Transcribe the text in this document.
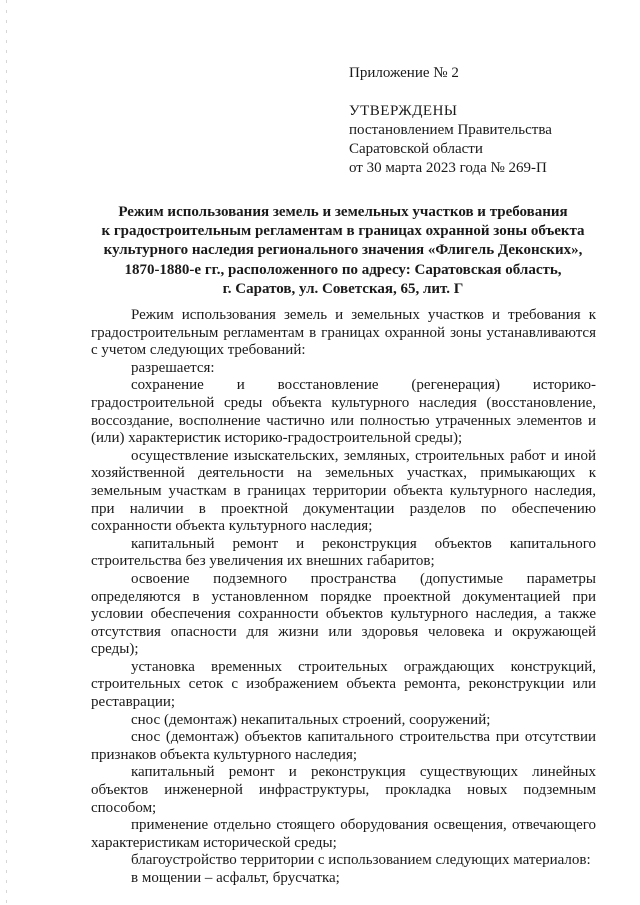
Приложение № 2
УТВЕРЖДЕНЫ
постановлением Правительства
Саратовской области
от 30 марта 2023 года № 269-П
Режим использования земель и земельных участков и требования
к градостроительным регламентам в границах охранной зоны объекта
культурного наследия регионального значения «Флигель Деконских»,
1870-1880-е гг., расположенного по адресу: Саратовская область,
г. Саратов, ул. Советская, 65, лит. Г

Режим использования земель и земельных участков и требования к градостроительным регламентам в границах охранной зоны устанавливаются с учетом следующих требований:

разрешается:

сохранение и восстановление (регенерация) историко-градостроительной среды объекта культурного наследия (восстановление, воссоздание, восполнение частично или полностью утраченных элементов и (или) характеристик историко-градостроительной среды);

осуществление изыскательских, земляных, строительных работ и иной хозяйственной деятельности на земельных участках, примыкающих к земельным участкам в границах территории объекта культурного наследия, при наличии в проектной документации разделов по обеспечению сохранности объекта культурного наследия;

капитальный ремонт и реконструкция объектов капитального строительства без увеличения их внешних габаритов;

освоение подземного пространства (допустимые параметры определяются в установленном порядке проектной документацией при условии обеспечения сохранности объектов культурного наследия, а также отсутствия опасности для жизни или здоровья человека и окружающей среды);

установка временных строительных ограждающих конструкций, строительных сеток с изображением объекта ремонта, реконструкции или реставрации;

снос (демонтаж) некапитальных строений, сооружений;

снос (демонтаж) объектов капитального строительства при отсутствии признаков объекта культурного наследия;

капитальный ремонт и реконструкция существующих линейных объектов инженерной инфраструктуры, прокладка новых подземным способом;

применение отдельно стоящего оборудования освещения, отвечающего характеристикам исторической среды;

благоустройство территории с использованием следующих материалов:

в мощении – асфальт, брусчатка;
